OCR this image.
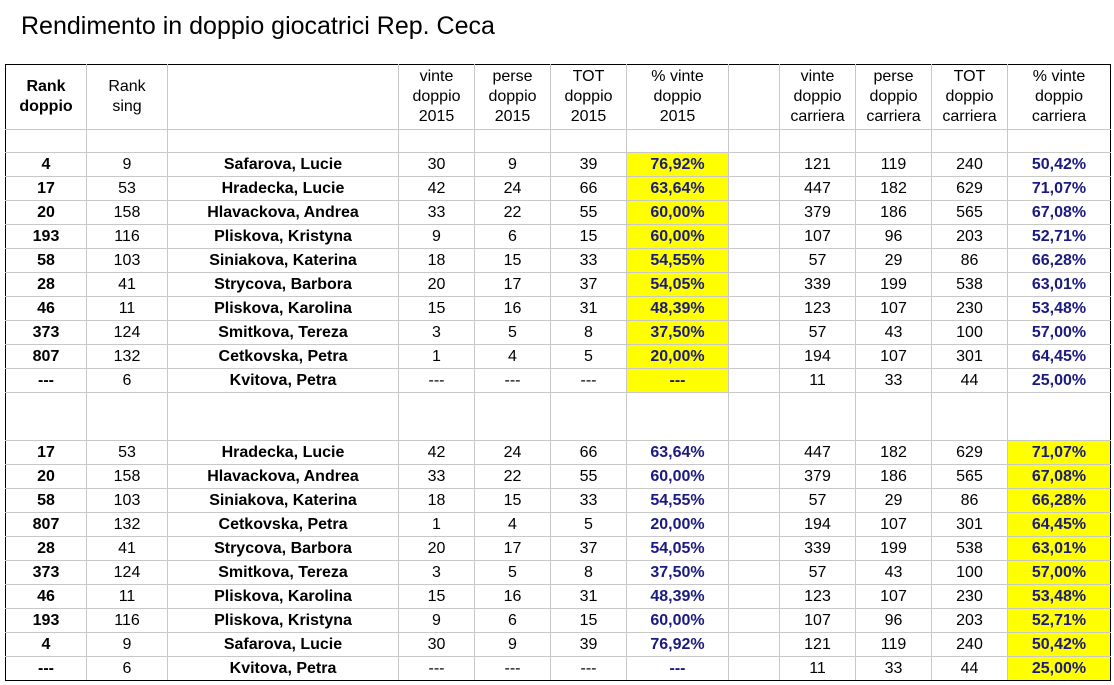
Rendimento in doppio giocatrici Rep. Ceca
Rank
doppio	Rank
sing		vinte
doppio
2015	perse
doppio
2015	TOT
doppio
2015	% vinte
doppio
2015		vinte
doppio
carriera	perse
doppio
carriera	TOT
doppio
carriera	% vinte
doppio
carriera

4	9	Safarova, Lucie	30	9	39	76,92%		121	119	240	50,42%
17	53	Hradecka, Lucie	42	24	66	63,64%		447	182	629	71,07%
20	158	Hlavackova, Andrea	33	22	55	60,00%		379	186	565	67,08%
193	116	Pliskova, Kristyna	9	6	15	60,00%		107	96	203	52,71%
58	103	Siniakova, Katerina	18	15	33	54,55%		57	29	86	66,28%
28	41	Strycova, Barbora	20	17	37	54,05%		339	199	538	63,01%
46	11	Pliskova, Karolina	15	16	31	48,39%		123	107	230	53,48%
373	124	Smitkova, Tereza	3	5	8	37,50%		57	43	100	57,00%
807	132	Cetkovska, Petra	1	4	5	20,00%		194	107	301	64,45%
---	6	Kvitova, Petra	---	---	---	---		11	33	44	25,00%

17	53	Hradecka, Lucie	42	24	66	63,64%		447	182	629	71,07%
20	158	Hlavackova, Andrea	33	22	55	60,00%		379	186	565	67,08%
58	103	Siniakova, Katerina	18	15	33	54,55%		57	29	86	66,28%
807	132	Cetkovska, Petra	1	4	5	20,00%		194	107	301	64,45%
28	41	Strycova, Barbora	20	17	37	54,05%		339	199	538	63,01%
373	124	Smitkova, Tereza	3	5	8	37,50%		57	43	100	57,00%
46	11	Pliskova, Karolina	15	16	31	48,39%		123	107	230	53,48%
193	116	Pliskova, Kristyna	9	6	15	60,00%		107	96	203	52,71%
4	9	Safarova, Lucie	30	9	39	76,92%		121	119	240	50,42%
---	6	Kvitova, Petra	---	---	---	---		11	33	44	25,00%
